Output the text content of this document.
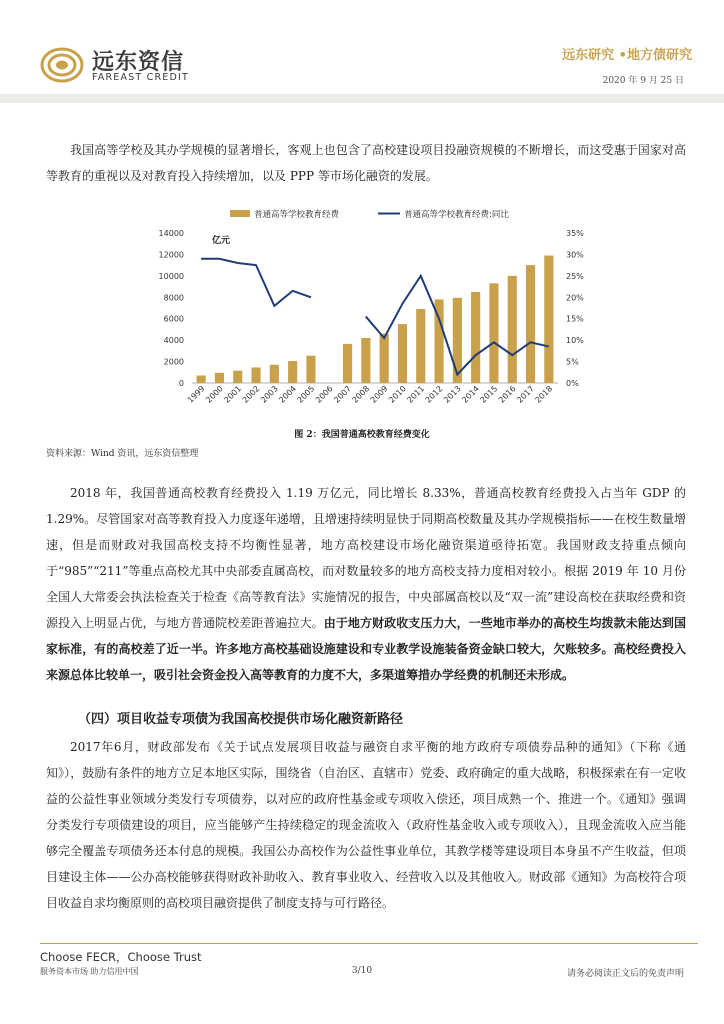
远东资信
FAREAST CREDIT
远东研究 •地方债研究
2020 年 9 月 25 日

我国高等学校及其办学规模的显著增长，客观上也包含了高校建设项目投融资规模的不断增长，而这受惠于国家对高等教育的重视以及对教育投入持续增加，以及 PPP 等市场化融资的发展。

0
2000
4000
6000
8000
10000
12000
14000
0%
5%
10%
15%
20%
25%
30%
35%
亿元
普通高等学校教育经费	普通高等学校教育经费:同比
1999
2000
2001
2002
2003
2004
2005
2006
2007
2008
2009
2010
2011
2012
2013
2014
2015
2016
2017
2018
图 2：我国普通高校教育经费变化
资料来源：Wind 资讯，远东资信整理

2018 年，我国普通高校教育经费投入 1.19 万亿元，同比增长 8.33%，普通高校教育经费投入占当年 GDP 的 1.29%。尽管国家对高等教育投入力度逐年递增，且增速持续明显快于同期高校数量及其办学规模指标——在校生数量增速，但是而财政对我国高校支持不均衡性显著，地方高校建设市场化融资渠道亟待拓宽。我国财政支持重点倾向于“985”“211”等重点高校尤其中央部委直属高校，而对数量较多的地方高校支持力度相对较小。根据 2019 年 10 月份全国人大常委会执法检查关于检查《高等教育法》实施情况的报告，中央部属高校以及“双一流”建设高校在获取经费和资源投入上明显占优，与地方普通院校差距普遍拉大。由于地方财政收支压力大，一些地市举办的高校生均拨款未能达到国家标准，有的高校差了近一半。许多地方高校基础设施建设和专业教学设施装备资金缺口较大，欠账较多。高校经费投入来源总体比较单一，吸引社会资金投入高等教育的力度不大，多渠道筹措办学经费的机制还未形成。

（四）项目收益专项债为我国高校提供市场化融资新路径

2017年6月，财政部发布《关于试点发展项目收益与融资自求平衡的地方政府专项债券品种的通知》（下称《通知》），鼓励有条件的地方立足本地区实际，围绕省（自治区、直辖市）党委、政府确定的重大战略，积极探索在有一定收益的公益性事业领域分类发行专项债券，以对应的政府性基金或专项收入偿还，项目成熟一个、推进一个。《通知》强调分类发行专项债建设的项目，应当能够产生持续稳定的现金流收入（政府性基金收入或专项收入），且现金流收入应当能够完全覆盖专项债务还本付息的规模。我国公办高校作为公益性事业单位，其教学楼等建设项目本身虽不产生收益，但项目建设主体——公办高校能够获得财政补助收入、教育事业收入、经营收入以及其他收入。财政部《通知》为高校符合项目收益自求均衡原则的高校项目融资提供了制度支持与可行路径。

Choose FECR，Choose Trust
服务资本市场 助力信用中国	3/10	请务必阅读正文后的免责声明
